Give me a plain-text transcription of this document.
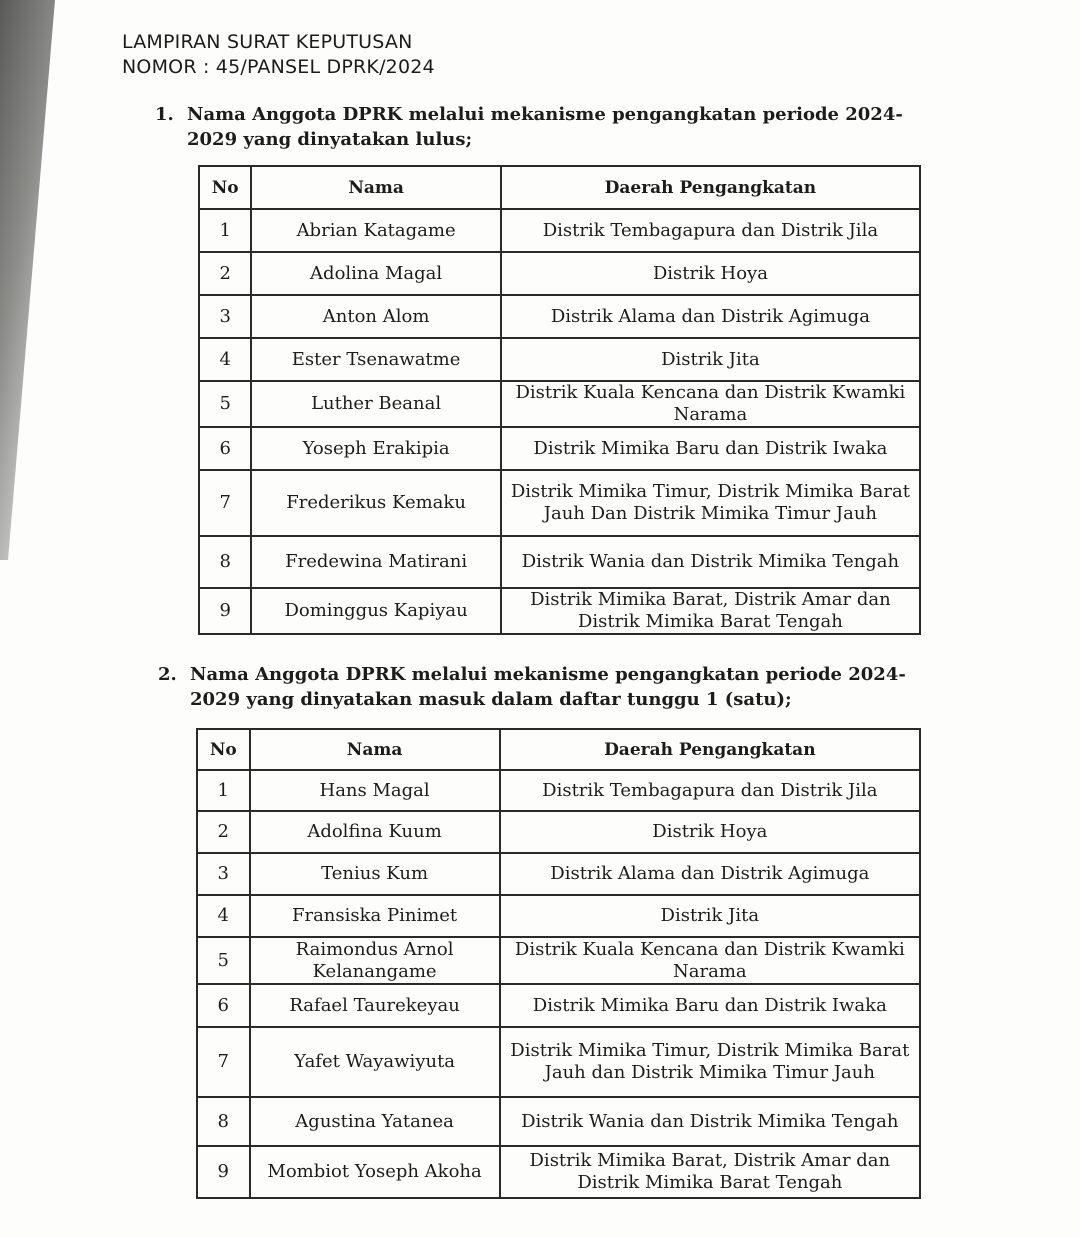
LAMPIRAN SURAT KEPUTUSAN
NOMOR : 45/PANSEL DPRK/2024
1. Nama Anggota DPRK melalui mekanisme pengangkatan periode 2024-
2029 yang dinyatakan lulus;
No	Nama	Daerah Pengangkatan
1	Abrian Katagame	Distrik Tembagapura dan Distrik Jila
2	Adolina Magal	Distrik Hoya
3	Anton Alom	Distrik Alama dan Distrik Agimuga
4	Ester Tsenawatme	Distrik Jita
5	Luther Beanal	Distrik Kuala Kencana dan Distrik Kwamki Narama
6	Yoseph Erakipia	Distrik Mimika Baru dan Distrik Iwaka
7	Frederikus Kemaku	Distrik Mimika Timur, Distrik Mimika Barat Jauh Dan Distrik Mimika Timur Jauh
8	Fredewina Matirani	Distrik Wania dan Distrik Mimika Tengah
9	Dominggus Kapiyau	Distrik Mimika Barat, Distrik Amar dan Distrik Mimika Barat Tengah
2. Nama Anggota DPRK melalui mekanisme pengangkatan periode 2024-
2029 yang dinyatakan masuk dalam daftar tunggu 1 (satu);
No	Nama	Daerah Pengangkatan
1	Hans Magal	Distrik Tembagapura dan Distrik Jila
2	Adolfina Kuum	Distrik Hoya
3	Tenius Kum	Distrik Alama dan Distrik Agimuga
4	Fransiska Pinimet	Distrik Jita
5	Raimondus Arnol Kelanangame	Distrik Kuala Kencana dan Distrik Kwamki Narama
6	Rafael Taurekeyau	Distrik Mimika Baru dan Distrik Iwaka
7	Yafet Wayawiyuta	Distrik Mimika Timur, Distrik Mimika Barat Jauh dan Distrik Mimika Timur Jauh
8	Agustina Yatanea	Distrik Wania dan Distrik Mimika Tengah
9	Mombiot Yoseph Akoha	Distrik Mimika Barat, Distrik Amar dan Distrik Mimika Barat Tengah
